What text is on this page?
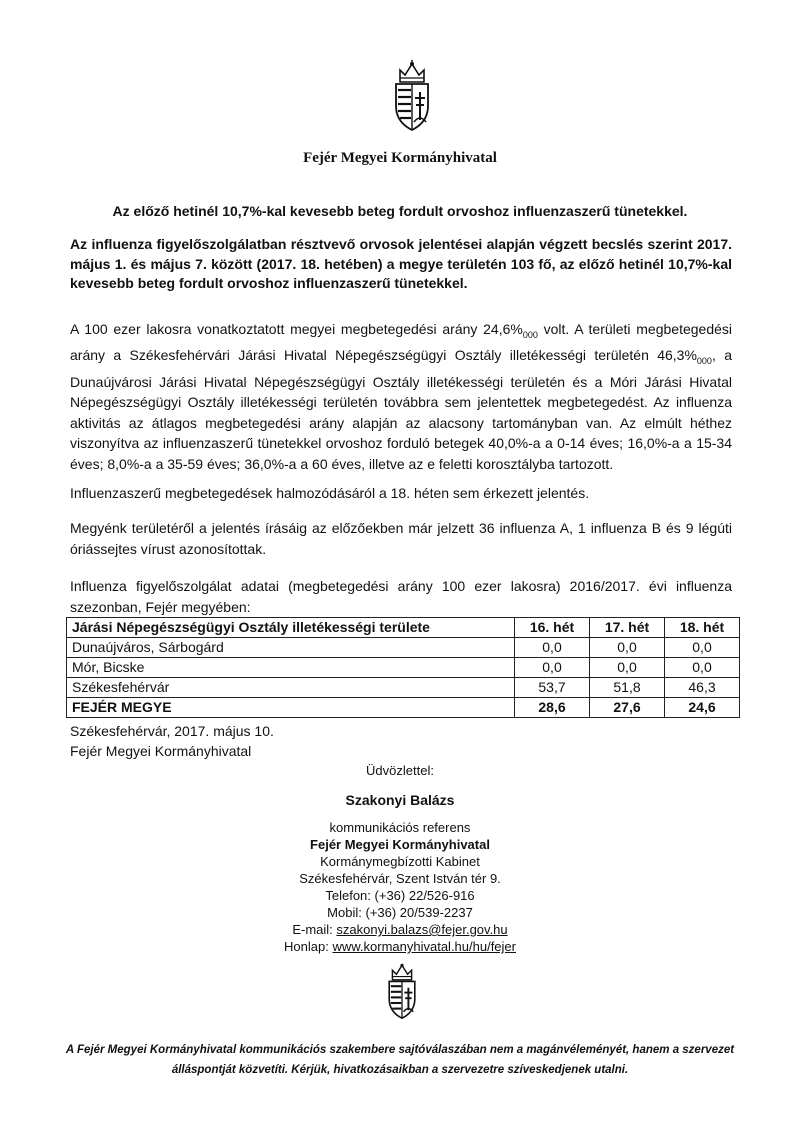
Fejér Megyei Kormányhivatal
Az előző hetinél 10,7%-kal kevesebb beteg fordult orvoshoz influenzaszerű tünetekkel.
Az influenza figyelőszolgálatban résztvevő orvosok jelentései alapján végzett becslés szerint 2017. május 1. és május 7. között (2017. 18. hetében) a megye területén 103 fő, az előző hetinél 10,7%-kal kevesebb beteg fordult orvoshoz influenzaszerű tünetekkel.
A 100 ezer lakosra vonatkoztatott megyei megbetegedési arány $24,6\%_{000}$ volt. A területi megbetegedési arány a Székesfehérvári Járási Hivatal Népegészségügyi Osztály illetékességi területén $46,3\%_{000}$, a Dunaújvárosi Járási Hivatal Népegészségügyi Osztály illetékességi területén és a Móri Járási Hivatal Népegészségügyi Osztály illetékességi területén továbbra sem jelentettek megbetegedést. Az influenza aktivitás az átlagos megbetegedési arány alapján az alacsony tartományban van. Az elmúlt héthez viszonyítva az influenzaszerű tünetekkel orvoshoz forduló betegek 40,0%-a a 0-14 éves; 16,0%-a a 15-34 éves; 8,0%-a a 35-59 éves; 36,0%-a a 60 éves, illetve az e feletti korosztályba tartozott.
Influenzaszerű megbetegedések halmozódásáról a 18. héten sem érkezett jelentés.
Megyénk területéről a jelentés írásáig az előzőekben már jelzett 36 influenza A, 1 influenza B és 9 légúti óriássejtes vírust azonosítottak.
Influenza figyelőszolgálat adatai (megbetegedési arány 100 ezer lakosra) 2016/2017. évi influenza szezonban, Fejér megyében:
Járási Népegészségügyi Osztály illetékességi területe	16. hét	17. hét	18. hét
Dunaújváros, Sárbogárd	0,0	0,0	0,0
Mór, Bicske	0,0	0,0	0,0
Székesfehérvár	53,7	51,8	46,3
FEJÉR MEGYE	28,6	27,6	24,6
Székesfehérvár, 2017. május 10.
Fejér Megyei Kormányhivatal
Üdvözlettel:
Szakonyi Balázs
kommunikációs referens
Fejér Megyei Kormányhivatal
Kormánymegbízotti Kabinet
Székesfehérvár, Szent István tér 9.
Telefon: (+36) 22/526-916
Mobil: (+36) 20/539-2237
E-mail: szakonyi.balazs@fejer.gov.hu
Honlap: www.kormanyhivatal.hu/hu/fejer
A Fejér Megyei Kormányhivatal kommunikációs szakembere sajtóválaszában nem a magánvéleményét, hanem a szervezet álláspontját közvetíti. Kérjük, hivatkozásaikban a szervezetre szíveskedjenek utalni.
